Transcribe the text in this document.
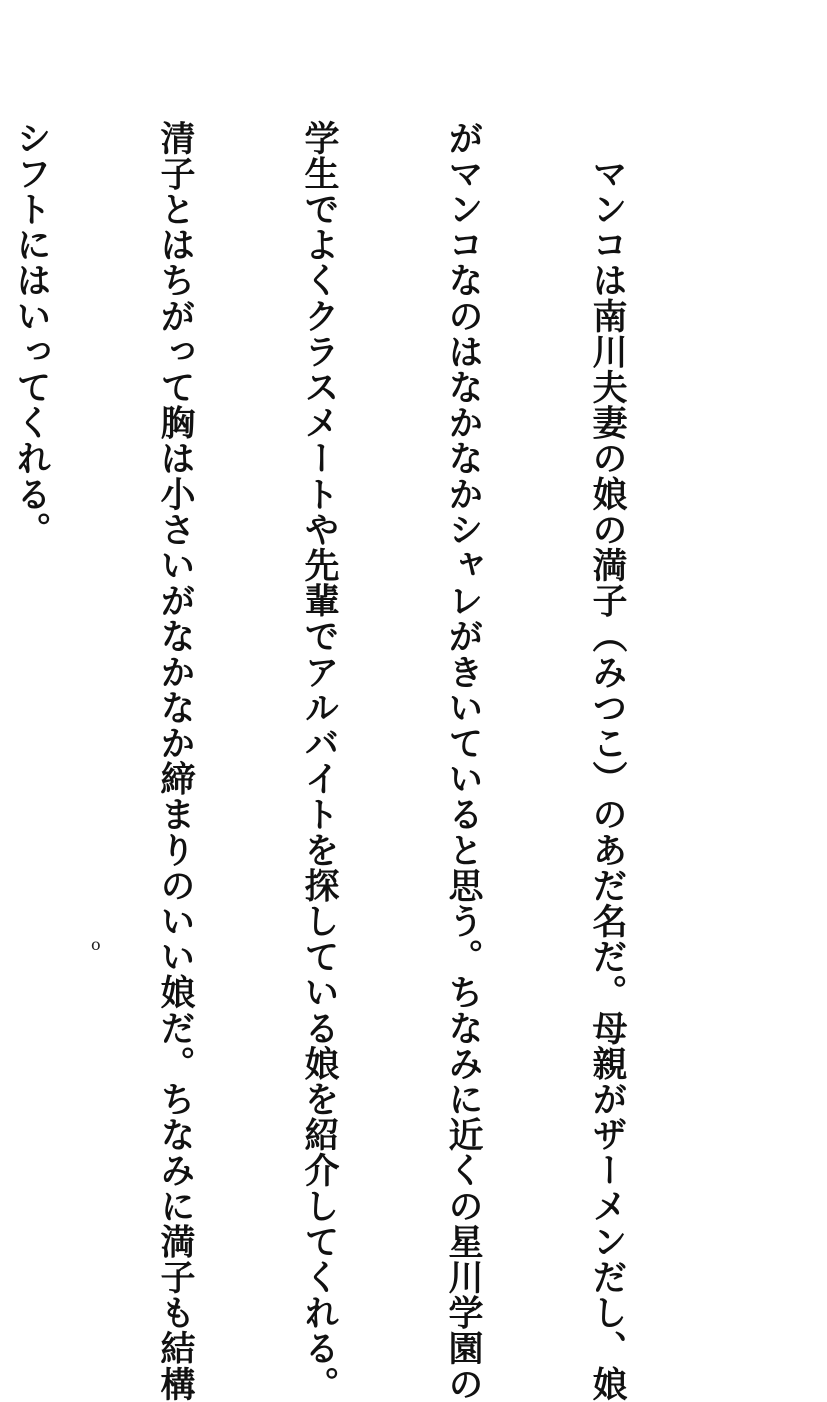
　マンコは南川夫妻の娘の満子（みつこ）のあだ名だ。母親がザーメンだし、娘

がマンコなのはなかなかシャレがきいていると思う。ちなみに近くの星川学園の

学生でよくクラスメートや先輩でアルバイトを探している娘を紹介してくれる。

清子とはちがって胸は小さいがなかなか締まりのいい娘だ。ちなみに満子も結構

シフトにはいってくれる。

o
